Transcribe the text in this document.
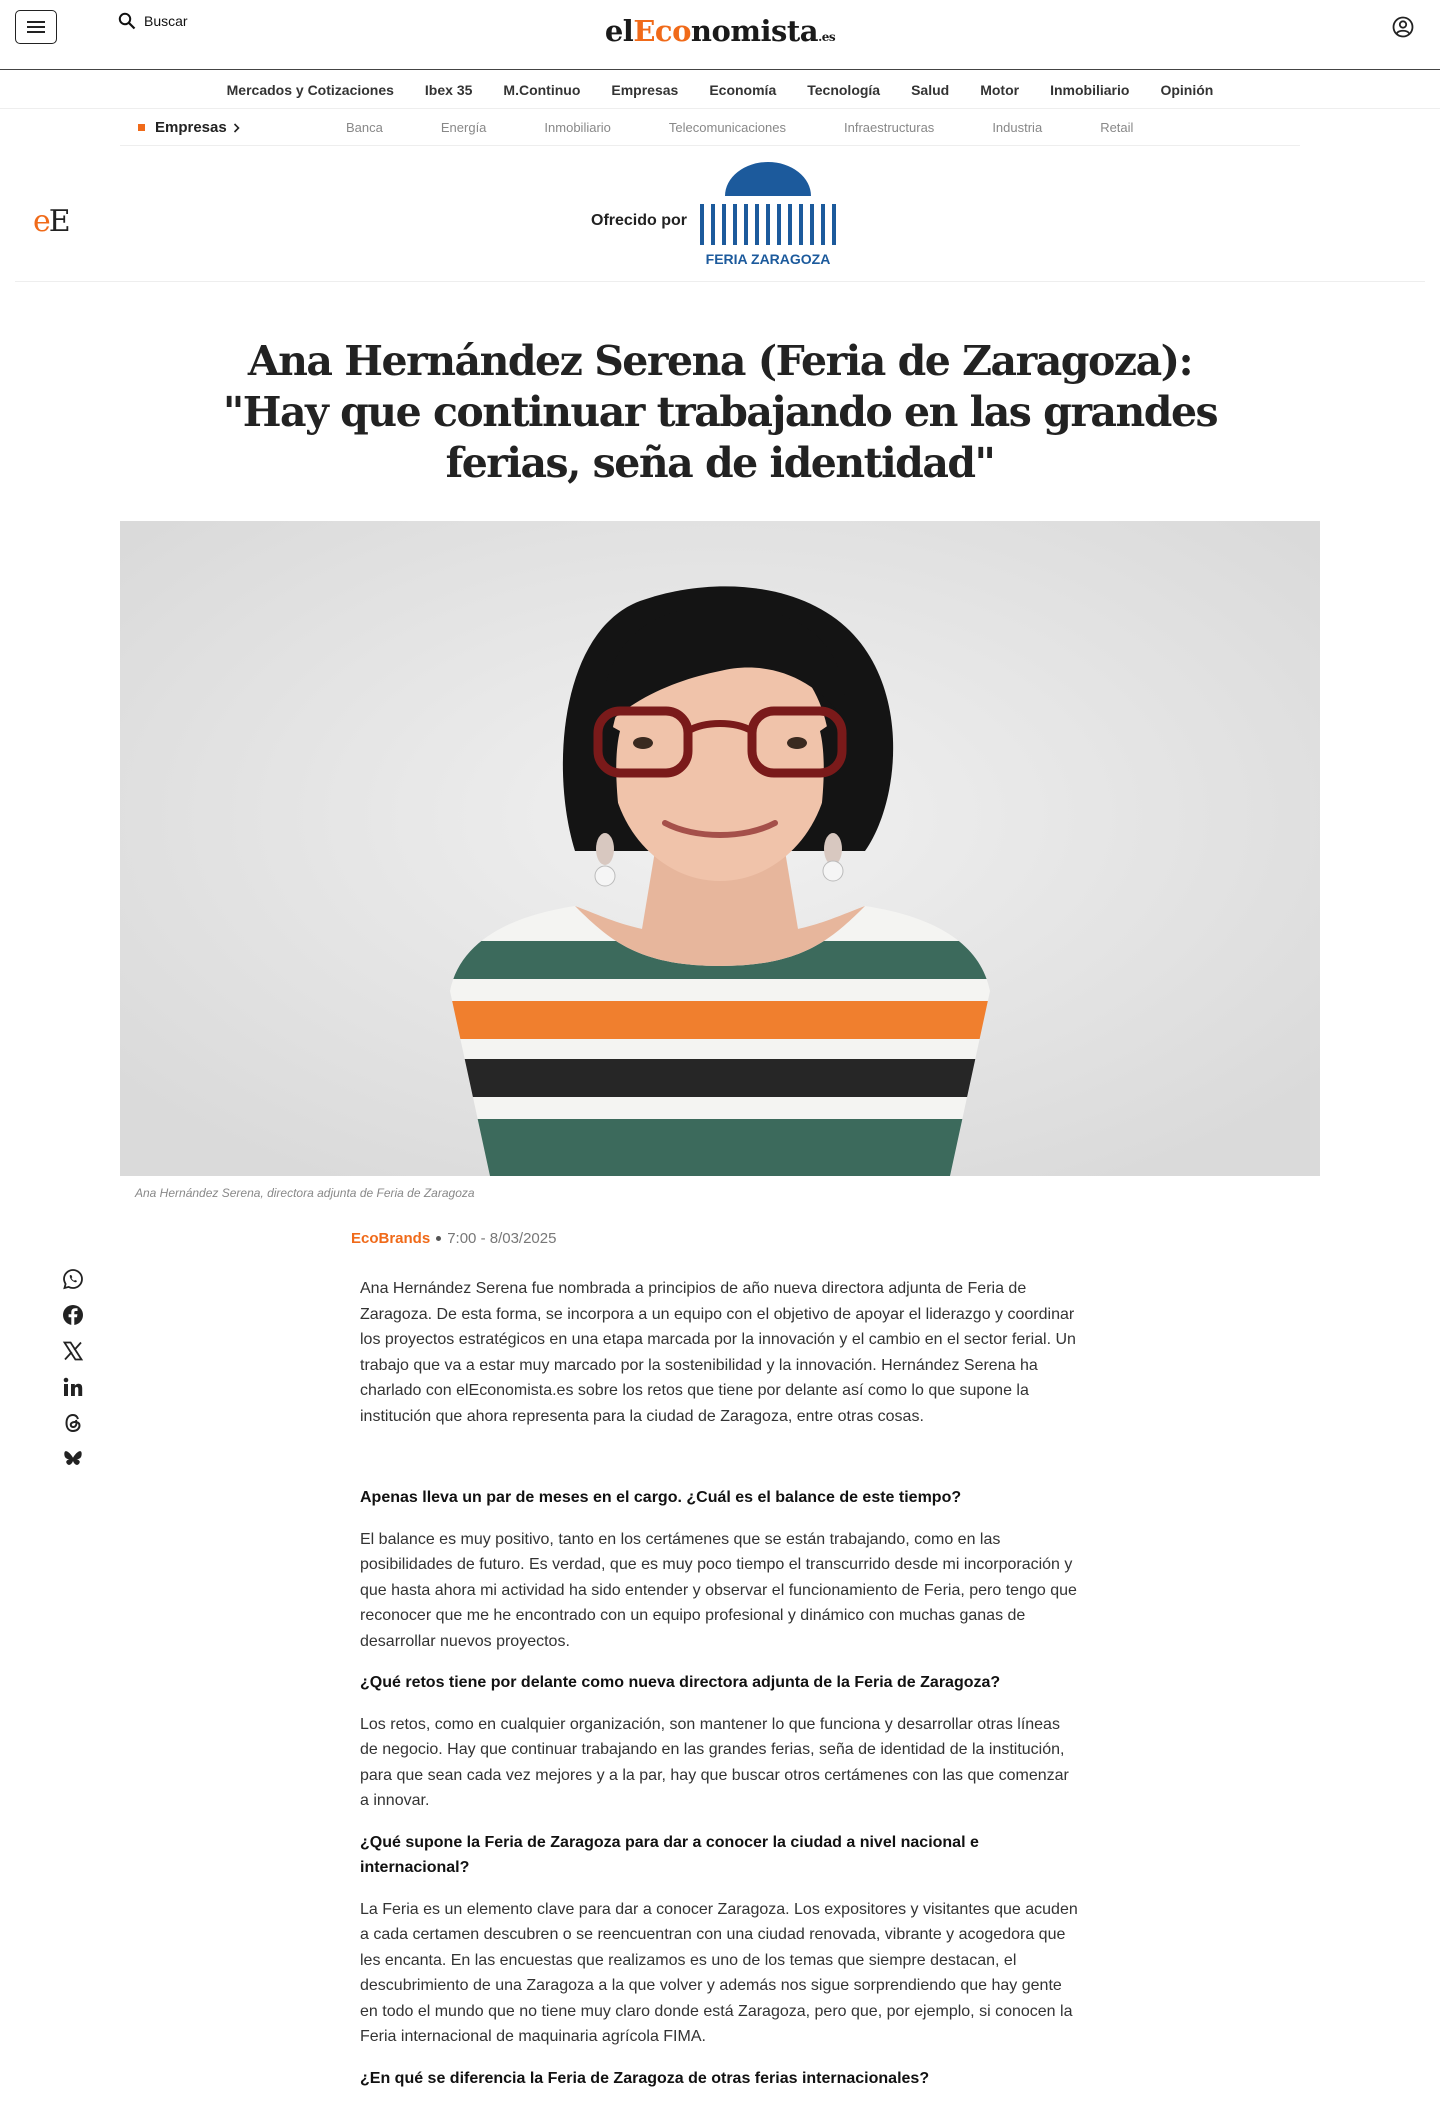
Buscar	elEconomista.es
Mercados y Cotizaciones Ibex 35 M.Continuo Empresas Economía Tecnología Salud Motor Inmobiliario Opinión
Empresas	Banca	Energía	Inmobiliario	Telecomunicaciones	Infraestructuras	Industria	Retail
eE	Ofrecido por
FERIA ZARAGOZA
Ana Hernández Serena (Feria de Zaragoza):
"Hay que continuar trabajando en las grandes
ferias, seña de identidad"
Ana Hernández Serena, directora adjunta de Feria de Zaragoza
EcoBrands 7:00 - 8/03/2025

Ana Hernández Serena fue nombrada a principios de año nueva directora adjunta de Feria de Zaragoza. De esta forma, se incorpora a un equipo con el objetivo de apoyar el liderazgo y coordinar los proyectos estratégicos en una etapa marcada por la innovación y el cambio en el sector ferial. Un trabajo que va a estar muy marcado por la sostenibilidad y la innovación. Hernández Serena ha charlado con elEconomista.es sobre los retos que tiene por delante así como lo que supone la institución que ahora representa para la ciudad de Zaragoza, entre otras cosas.

Apenas lleva un par de meses en el cargo. ¿Cuál es el balance de este tiempo?

El balance es muy positivo, tanto en los certámenes que se están trabajando, como en las posibilidades de futuro. Es verdad, que es muy poco tiempo el transcurrido desde mi incorporación y que hasta ahora mi actividad ha sido entender y observar el funcionamiento de Feria, pero tengo que reconocer que me he encontrado con un equipo profesional y dinámico con muchas ganas de desarrollar nuevos proyectos.

¿Qué retos tiene por delante como nueva directora adjunta de la Feria de Zaragoza?

Los retos, como en cualquier organización, son mantener lo que funciona y desarrollar otras líneas de negocio. Hay que continuar trabajando en las grandes ferias, seña de identidad de la institución, para que sean cada vez mejores y a la par, hay que buscar otros certámenes con las que comenzar a innovar.

¿Qué supone la Feria de Zaragoza para dar a conocer la ciudad a nivel nacional e internacional?

La Feria es un elemento clave para dar a conocer Zaragoza. Los expositores y visitantes que acuden a cada certamen descubren o se reencuentran con una ciudad renovada, vibrante y acogedora que les encanta. En las encuestas que realizamos es uno de los temas que siempre destacan, el descubrimiento de una Zaragoza a la que volver y además nos sigue sorprendiendo que hay gente en todo el mundo que no tiene muy claro donde está Zaragoza, pero que, por ejemplo, si conocen la Feria internacional de maquinaria agrícola FIMA.

¿En qué se diferencia la Feria de Zaragoza de otras ferias internacionales?
